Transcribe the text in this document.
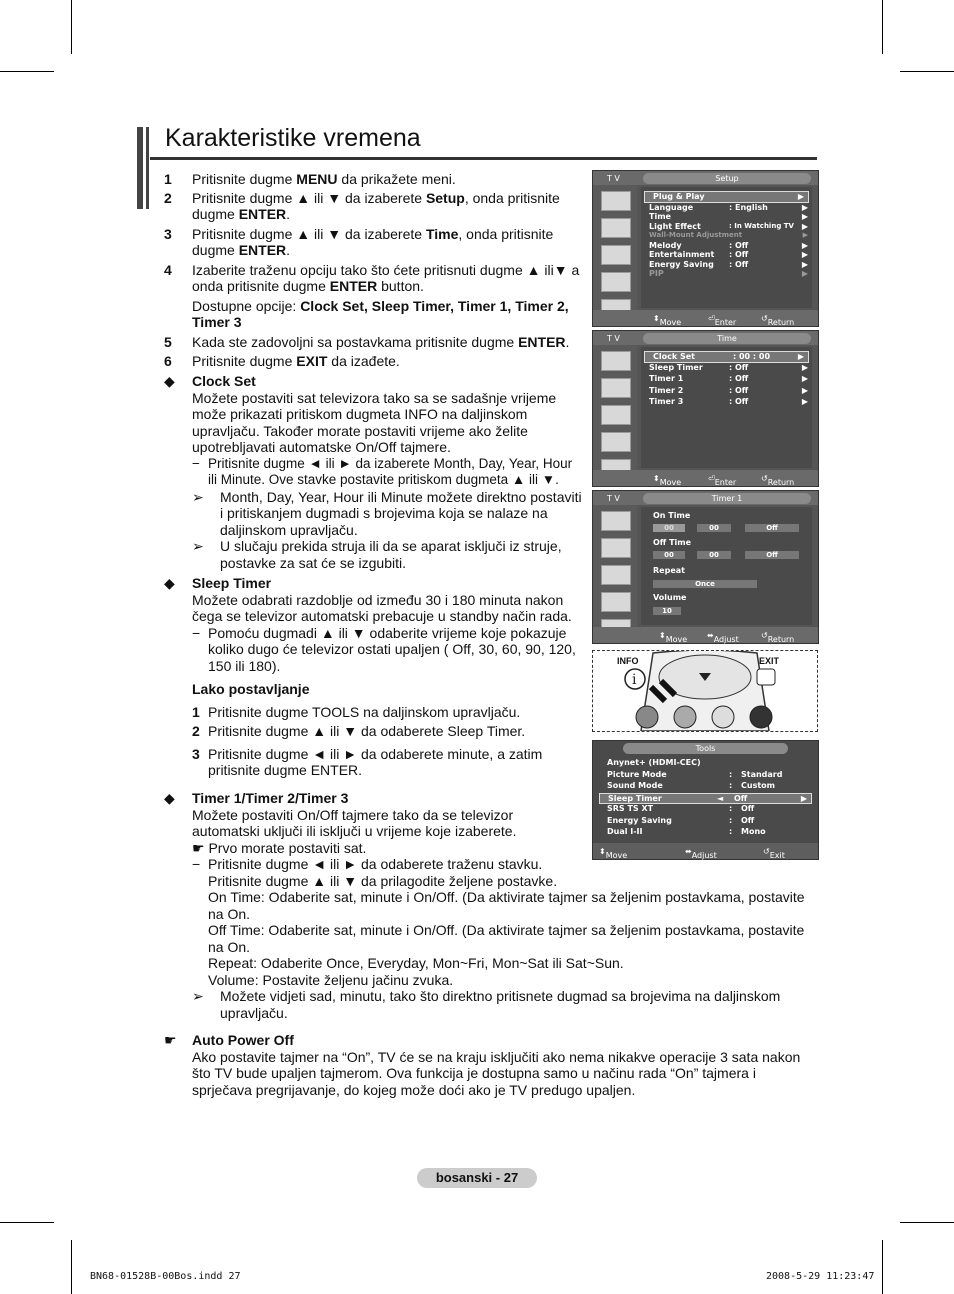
Karakteristike vremena

1 Pritisnite dugme MENU da prikažete meni.

2 Pritisnite dugme ▲ ili ▼ da izaberete Setup, onda pritisnite dugme ENTER.

3 Pritisnite dugme ▲ ili ▼ da izaberete Time, onda pritisnite dugme ENTER.

4 Izaberite traženu opciju tako što ćete pritisnuti dugme ▲ ili▼ a onda pritisnite dugme ENTER button.

Dostupne opcije: Clock Set, Sleep Timer, Timer 1, Timer 2, Timer 3

5 Kada ste zadovoljni sa postavkama pritisnite dugme ENTER.

6 Pritisnite dugme EXIT da izađete.

◆ Clock Set
Možete postaviti sat televizora tako sa se sadašnje vrijeme može prikazati pritiskom dugmeta INFO na daljinskom upravljaču. Također morate postaviti vrijeme ako želite upotrebljavati automatske On/Off tajmere.
− Pritisnite dugme ◄ ili ► da izaberete Month, Day, Year, Hour ili Minute. Ove stavke postavite pritiskom dugmeta ▲ ili ▼.
➢ Month, Day, Year, Hour ili Minute možete direktno postaviti i pritiskanjem dugmadi s brojevima koja se nalaze na daljinskom upravljaču.
➢ U slučaju prekida struja ili da se aparat isključi iz struje, postavke za sat će se izgubiti.
◆ Sleep Timer
Možete odabrati razdoblje od između 30 i 180 minuta nakon čega se televizor automatski prebacuje u standby način rada.
− Pomoću dugmadi ▲ ili ▼ odaberite vrijeme koje pokazuje koliko dugo će televizor ostati upaljen ( Off, 30, 60, 90, 120, 150 ili 180).
Lako postavljanje
1 Pritisnite dugme TOOLS na daljinskom upravljaču.
2 Pritisnite dugme ▲ ili ▼ da odaberete Sleep Timer.
3 Pritisnite dugme ◄ ili ► da odaberete minute, a zatim pritisnite dugme ENTER.
◆ Timer 1/Timer 2/Timer 3
Možete postaviti On/Off tajmere tako da se televizor automatski uključi ili isključi u vrijeme koje izaberete.
☛ Prvo morate postaviti sat.
− Pritisnite dugme ◄ ili ► da odaberete traženu stavku.
Pritisnite dugme ▲ ili ▼ da prilagodite željene postavke.
On Time: Odaberite sat, minute i On/Off. (Da aktivirate tajmer sa željenim postavkama, postavite na On.
Off Time: Odaberite sat, minute i On/Off. (Da aktivirate tajmer sa željenim postavkama, postavite na On.
Repeat: Odaberite Once, Everyday, Mon~Fri, Mon~Sat ili Sat~Sun.
Volume: Postavite željenu jačinu zvuka.
➢ Možete vidjeti sad, minutu, tako što direktno pritisnete dugmad sa brojevima na daljinskom upravljaču.
☛ Auto Power Off
Ako postavite tajmer na “On”, TV će se na kraju isključiti ako nema nikakve operacije 3 sata nakon što TV bude upaljen tajmerom. Ova funkcija je dostupna samo u načinu rada “On” tajmera i sprječava pregrijavanje, do kojeg može doći ako je TV predugo upaljen.
T V	Setup
Plug & Play	▶
Language	: English	▶
Time	▶
Light Effect	: In Watching TV ▶
Wall-Mount Adjustment	▶
Melody	: Off	▶
Entertainment : Off	▶
Energy Saving : Off	▶
PIP	▶
⬍ Move	⏎ Enter	↺ Return
T V	Time
Clock Set	: 00 : 00	▶
Sleep Timer	: Off	▶
Timer 1	: Off	▶
Timer 2	: Off	▶
Timer 3	: Off	▶
⬍ Move	⏎ Enter	↺ Return
T V	Timer 1
On Time
00	00	Off
Off Time
00	00	Off
Repeat
Once
Volume
10
⬍ Move ⬌ Adjust	↺ Return
i
INFO	EXIT
Tools
Anynet+ (HDMI-CEC)
Picture Mode	: Standard
Sound Mode	: Custom
Sleep Timer	◄ Off	▶
SRS TS XT	: Off
Energy Saving	: Off
Dual I-II	: Mono
⬍ Move	⬌ Adjust	↺ Exit
bosanski - 27
BN68-01528B-00Bos.indd 27	2008-5-29 11:23:47
